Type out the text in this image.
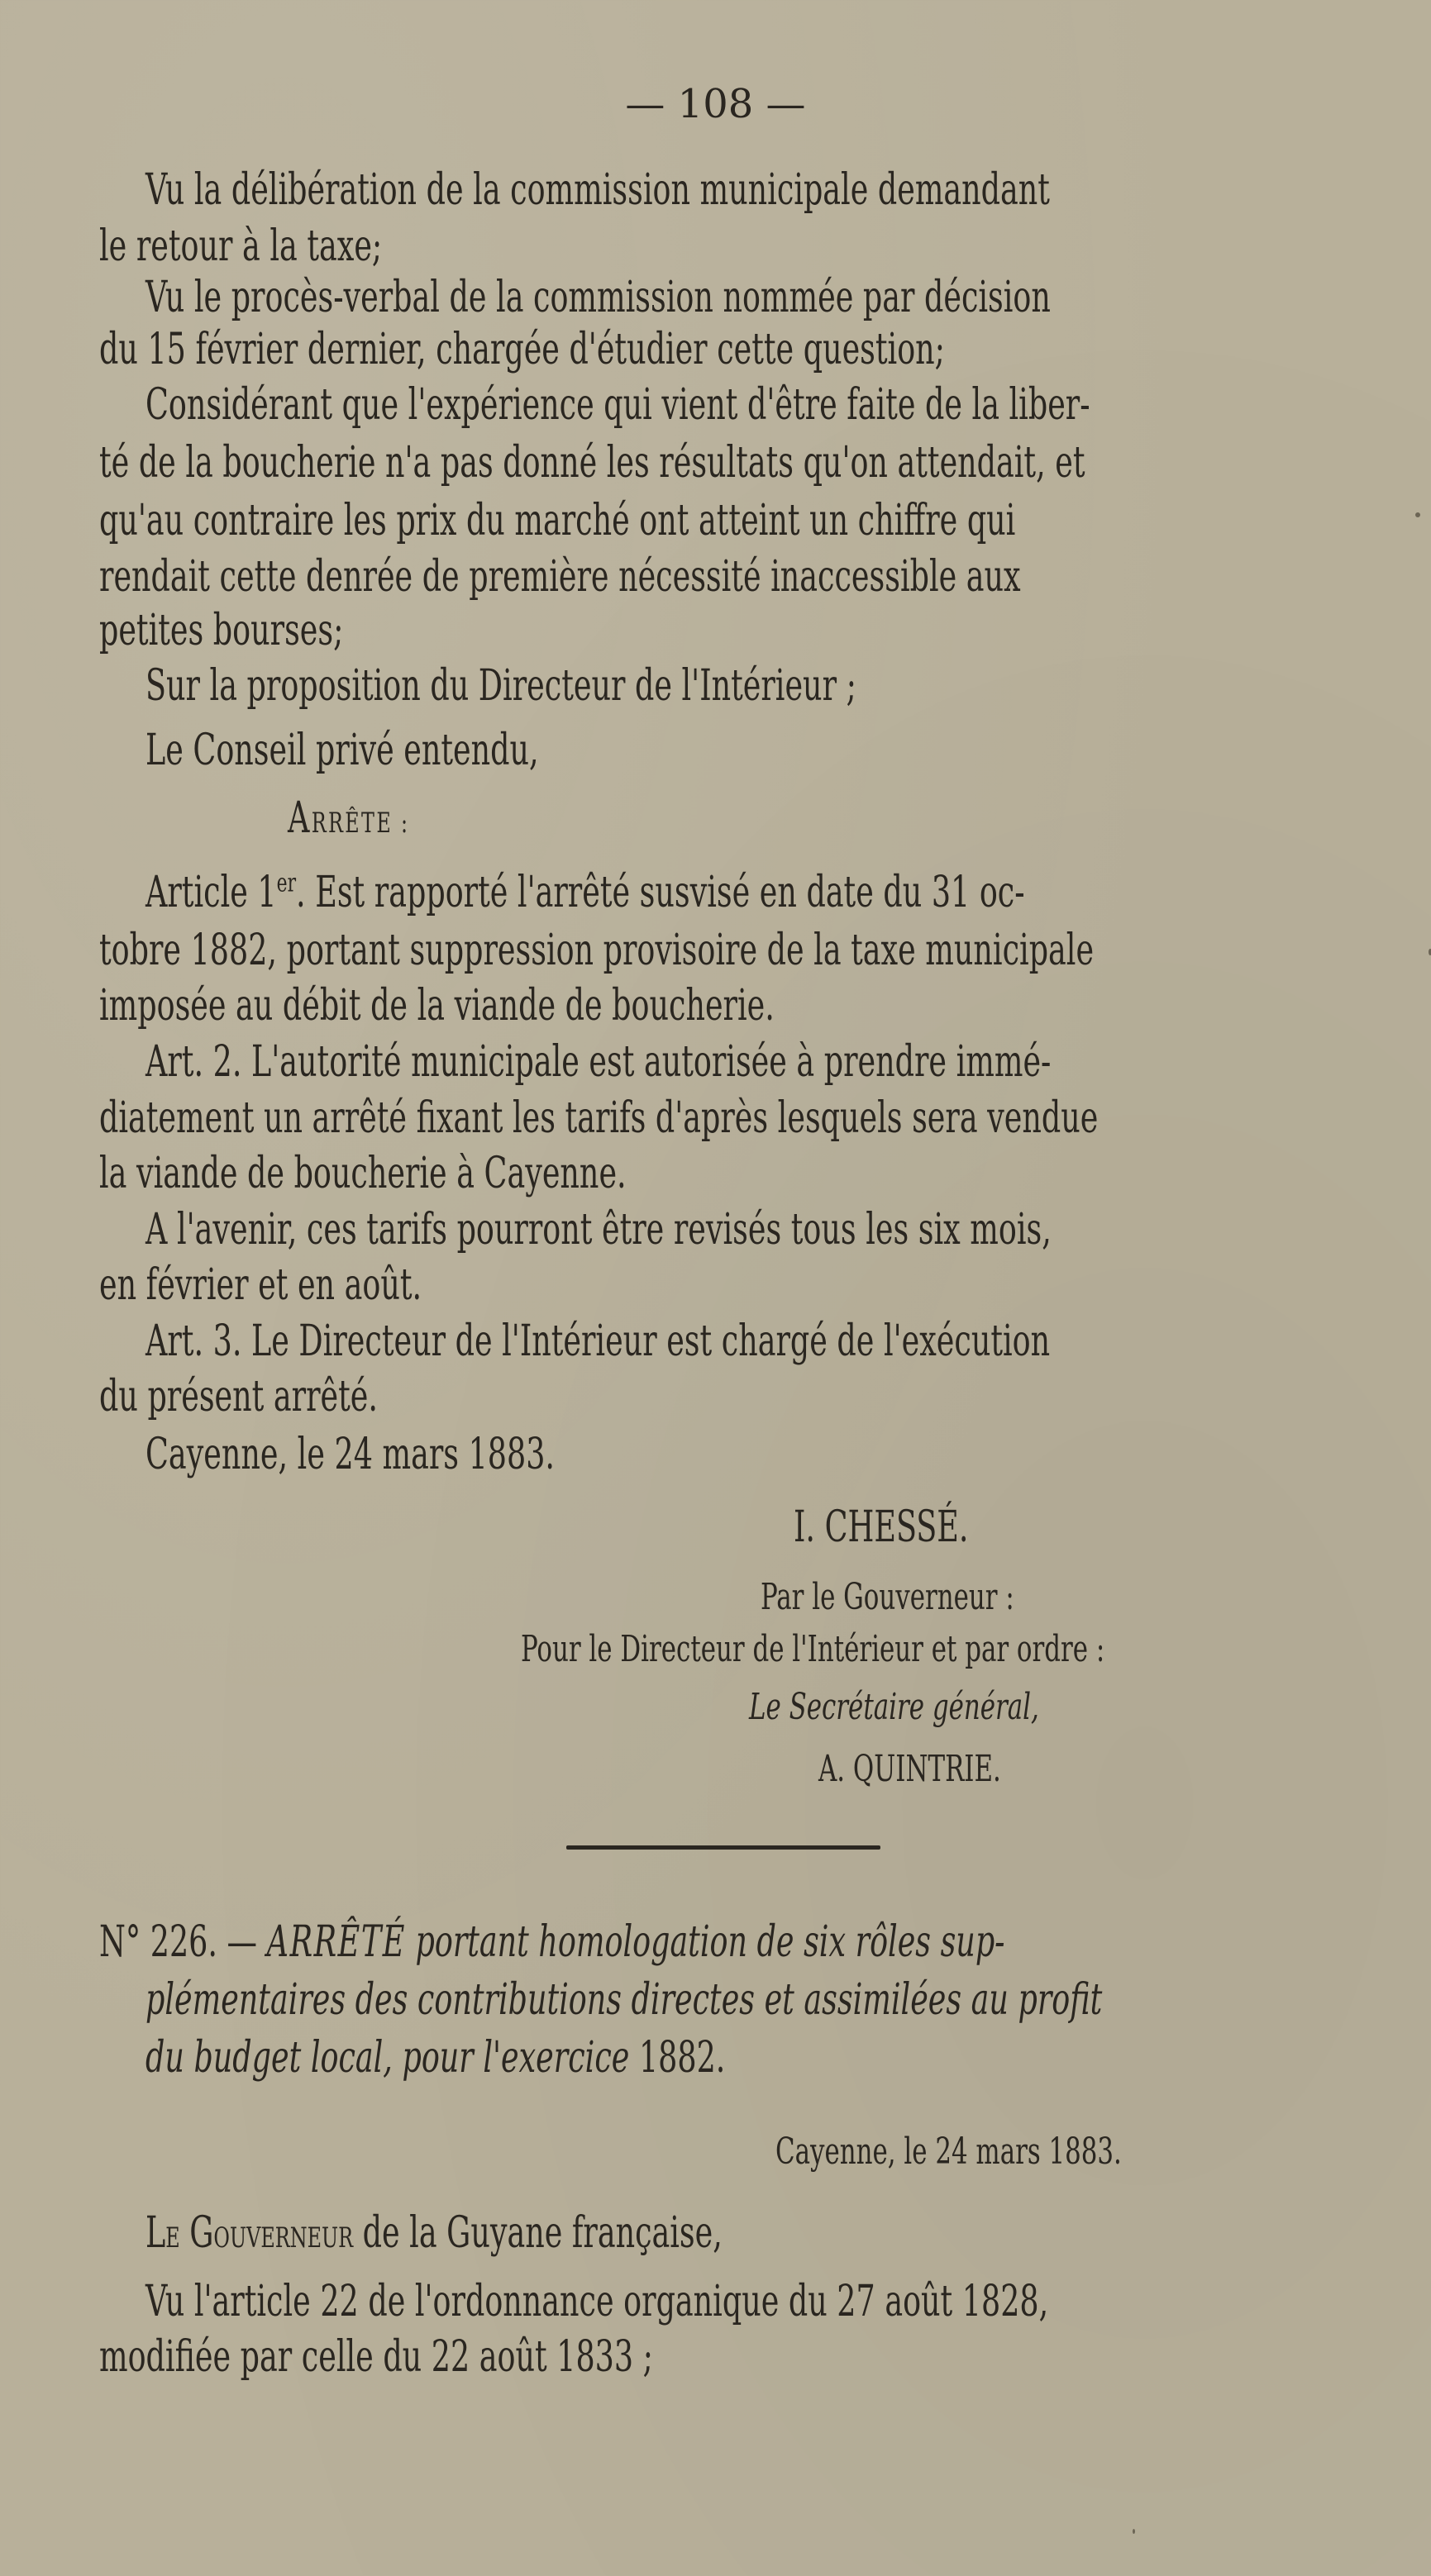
— 108 —
Vu la délibération de la commission municipale demandant
le retour à la taxe;
Vu le procès-verbal de la commission nommée par décision
du 15 février dernier, chargée d'étudier cette question;
Considérant que l'expérience qui vient d'être faite de la liber-
té de la boucherie n'a pas donné les résultats qu'on attendait, et
qu'au contraire les prix du marché ont atteint un chiffre qui
rendait cette denrée de première nécessité inaccessible aux
petites bourses;
Sur la proposition du Directeur de l'Intérieur ;
Le Conseil privé entendu,
ARRÊTE :
Article 1er. Est rapporté l'arrêté susvisé en date du 31 oc-
tobre 1882, portant suppression provisoire de la taxe municipale
imposée au débit de la viande de boucherie.
Art. 2. L'autorité municipale est autorisée à prendre immé-
diatement un arrêté fixant les tarifs d'après lesquels sera vendue
la viande de boucherie à Cayenne.
A l'avenir, ces tarifs pourront être revisés tous les six mois,
en février et en août.
Art. 3. Le Directeur de l'Intérieur est chargé de l'exécution
du présent arrêté.
Cayenne, le 24 mars 1883.
I. CHESSÉ.
Par le Gouverneur :
Pour le Directeur de l'Intérieur et par ordre :
Le Secrétaire général,
A. QUINTRIE.
N° 226. — ARRÊTÉ portant homologation de six rôles sup-
plémentaires des contributions directes et assimilées au profit
du budget local, pour l'exercice 1882.
Cayenne, le 24 mars 1883.
LE GOUVERNEUR de la Guyane française,
Vu l'article 22 de l'ordonnance organique du 27 août 1828,
modifiée par celle du 22 août 1833 ;
